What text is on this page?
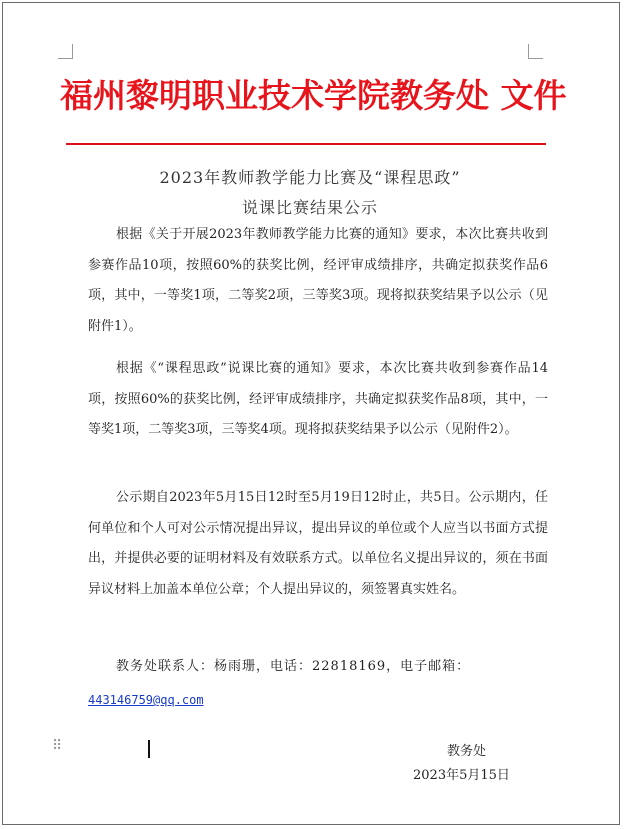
福州黎明职业技术学院教务处 文件
2023年教师教学能力比赛及“课程思政”
说课比赛结果公示
根据《关于开展2023年教师教学能力比赛的通知》要求，本次比赛共收到参赛作品10项，按照60%的获奖比例，经评审成绩排序，共确定拟获奖作品6项，其中，一等奖1项，二等奖2项，三等奖3项。现将拟获奖结果予以公示（见附件1）。
根据《“课程思政”说课比赛的通知》要求，本次比赛共收到参赛作品14项，按照60%的获奖比例，经评审成绩排序，共确定拟获奖作品8项，其中，一等奖1项，二等奖3项，三等奖4项。现将拟获奖结果予以公示（见附件2）。
公示期自2023年5月15日12时至5月19日12时止，共5日。公示期内，任何单位和个人可对公示情况提出异议，提出异议的单位或个人应当以书面方式提出，并提供必要的证明材料及有效联系方式。以单位名义提出异议的，须在书面异议材料上加盖本单位公章；个人提出异议的，须签署真实姓名。
教务处联系人：杨雨珊，电话：22818169，电子邮箱：
443146759@qq.com
⠿	教务处
2023年5月15日
